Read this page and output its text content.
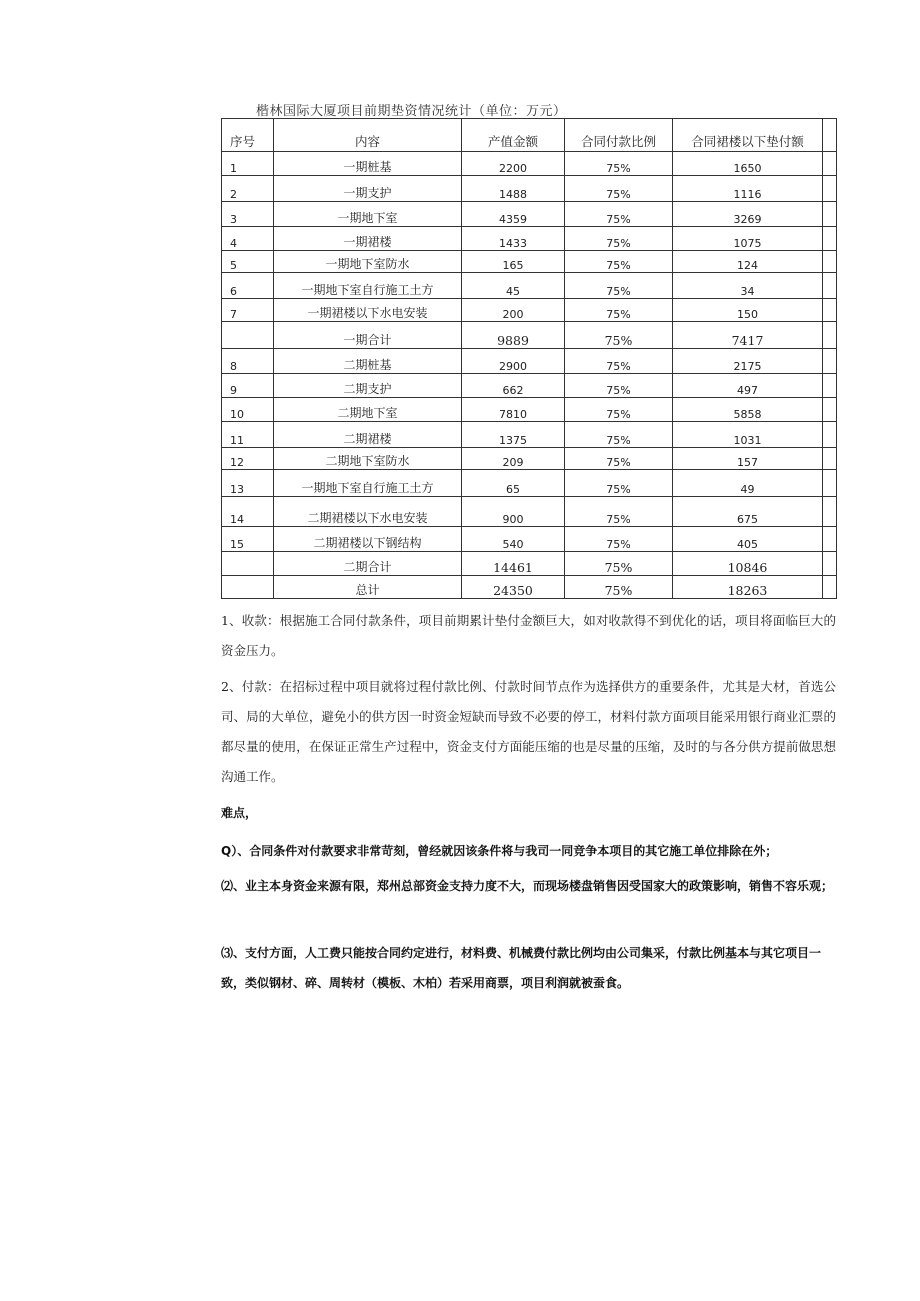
楷林国际大厦项目前期垫资情况统计（单位：万元）
序号	内容	产值金额	合同付款比例	合同裙楼以下垫付额	
1	一期桩基	2200	75%	1650	
2	一期支护	1488	75%	1116	
3	一期地下室	4359	75%	3269	
4	一期裙楼	1433	75%	1075	
5	一期地下室防水	165	75%	124	
6	一期地下室自行施工土方	45	75%	34	
7	一期裙楼以下水电安装	200	75%	150	
	一期合计	9889	75%	7417	
8	二期桩基	2900	75%	2175	
9	二期支护	662	75%	497	
10	二期地下室	7810	75%	5858	
11	二期裙楼	1375	75%	1031	
12	二期地下室防水	209	75%	157	
13	一期地下室自行施工土方	65	75%	49	
14	二期裙楼以下水电安装	900	75%	675	
15	二期裙楼以下钢结构	540	75%	405	
	二期合计	14461	75%	10846	
	总计	24350	75%	18263	
1、收款：根据施工合同付款条件，项目前期累计垫付金额巨大，如对收款得不到优化的话，项目将面临巨大的资金压力。
2、付款：在招标过程中项目就将过程付款比例、付款时间节点作为选择供方的重要条件，尤其是大材，首选公司、局的大单位，避免小的供方因一时资金短缺而导致不必要的停工，材料付款方面项目能采用银行商业汇票的都尽量的使用，在保证正常生产过程中，资金支付方面能压缩的也是尽量的压缩，及时的与各分供方提前做思想沟通工作。
难点，
Q）、合同条件对付款要求非常苛刻，曾经就因该条件将与我司一同竞争本项目的其它施工单位排除在外；
⑵、业主本身资金来源有限，郑州总部资金支持力度不大，而现场楼盘销售因受国家大的政策影响，销售不容乐观；
⑶、支付方面，人工费只能按合同约定进行，材料费、机械费付款比例均由公司集采，付款比例基本与其它项目一致，类似钢材、碎、周转材（模板、木柏）若采用商票，项目利润就被蚕食。
